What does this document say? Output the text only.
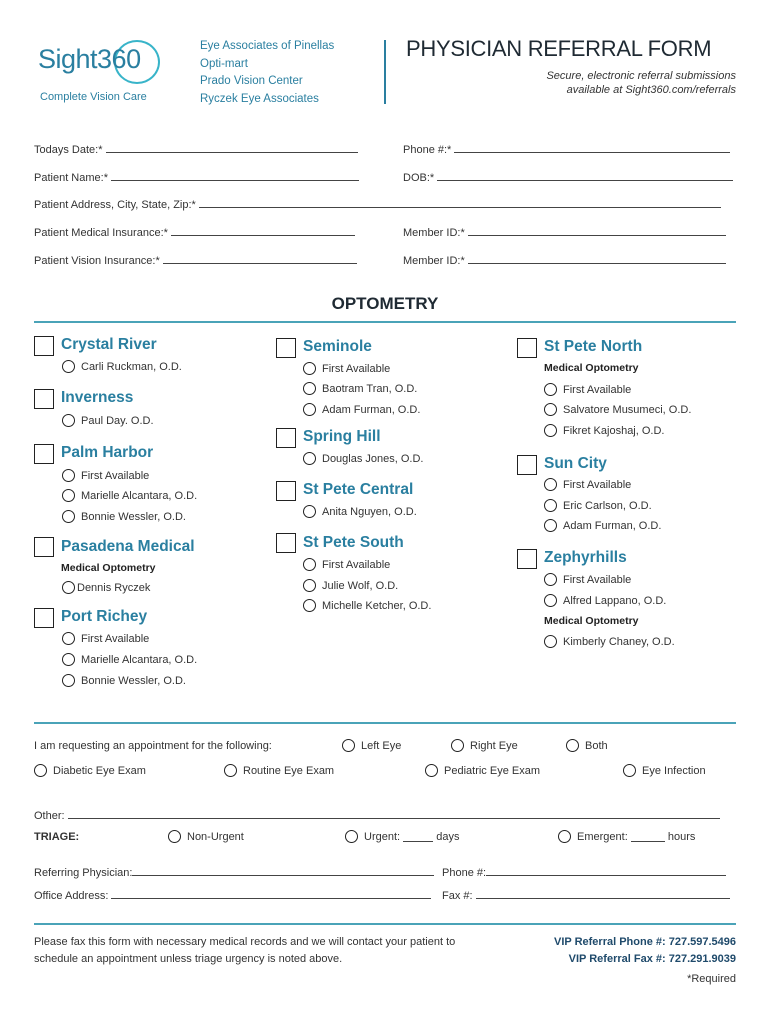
Sight360
Complete Vision Care
Eye Associates of Pinellas
Opti-mart
Prado Vision Center
Ryczek Eye Associates
PHYSICIAN REFERRAL FORM
Secure, electronic referral submissions
available at Sight360.com/referrals
Todays Date:*	Phone #:*
Patient Name:*	DOB:*
Patient Address, City, State, Zip:*
Patient Medical Insurance:*	Member ID:*
Patient Vision Insurance:*	Member ID:*
OPTOMETRY
Crystal River
Carli Ruckman, O.D.
Inverness
Paul Day. O.D.
Palm Harbor
First Available
Marielle Alcantara, O.D.
Bonnie Wessler, O.D.
Pasadena Medical
Medical Optometry
Dennis Ryczek
Port Richey
First Available
Marielle Alcantara, O.D.
Bonnie Wessler, O.D.
Seminole
First Available
Baotram Tran, O.D.
Adam Furman, O.D.
Spring Hill
Douglas Jones, O.D.
St Pete Central
Anita Nguyen, O.D.
St Pete South
First Available
Julie Wolf, O.D.
Michelle Ketcher, O.D.
St Pete North
Medical Optometry
First Available
Salvatore Musumeci, O.D.
Fikret Kajoshaj, O.D.
Sun City
First Available
Eric Carlson, O.D.
Adam Furman, O.D.
Zephyrhills
First Available
Alfred Lappano, O.D.
Medical Optometry
Kimberly Chaney, O.D.
I am requesting an appointment for the following:	Left Eye	Right Eye	Both
Diabetic Eye Exam	Routine Eye Exam	Pediatric Eye Exam	Eye Infection
Other:
TRIAGE:	Non-Urgent	Urgent:

	days	Emergent:

	hours
Referring Physician:	Phone #:
Office Address:	Fax #:
Please fax this form with necessary medical records and we will contact your patient to
schedule an appointment unless triage urgency is noted above.
VIP Referral Phone #: 727.597.5496
VIP Referral Fax #: 727.291.9039
*Required
